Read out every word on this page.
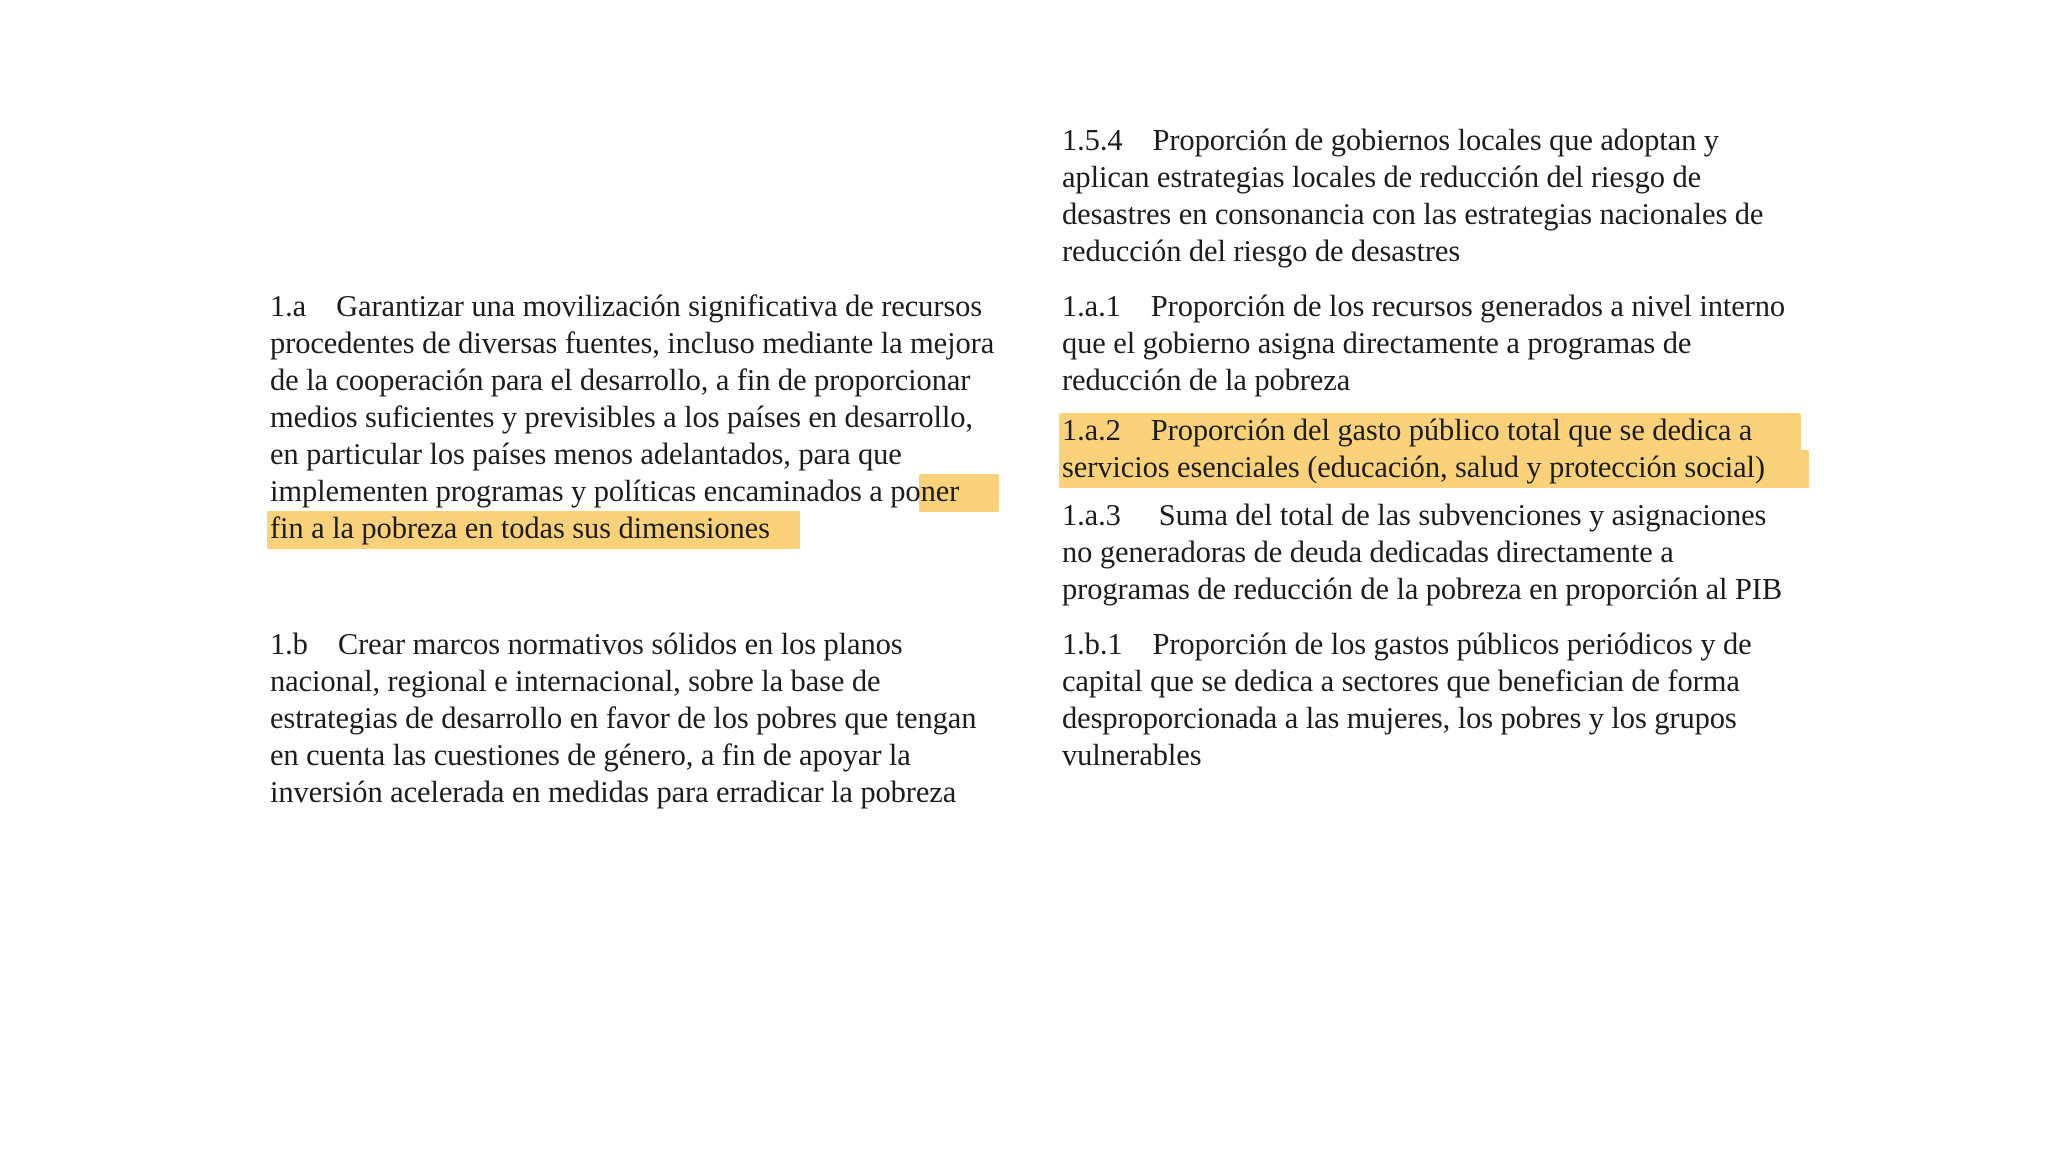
1.a Garantizar una movilización significativa de recursos
procedentes de diversas fuentes, incluso mediante la mejora
de la cooperación para el desarrollo, a fin de proporcionar
medios suficientes y previsibles a los países en desarrollo,
en particular los países menos adelantados, para que
implementen programas y políticas encaminados a poner
fin a la pobreza en todas sus dimensiones
1.b Crear marcos normativos sólidos en los planos
nacional, regional e internacional, sobre la base de
estrategias de desarrollo en favor de los pobres que tengan
en cuenta las cuestiones de género, a fin de apoyar la
inversión acelerada en medidas para erradicar la pobreza
1.5.4 Proporción de gobiernos locales que adoptan y
aplican estrategias locales de reducción del riesgo de
desastres en consonancia con las estrategias nacionales de
reducción del riesgo de desastres
1.a.1 Proporción de los recursos generados a nivel interno
que el gobierno asigna directamente a programas de
reducción de la pobreza
1.a.2 Proporción del gasto público total que se dedica a
servicios esenciales (educación, salud y protección social)
1.a.3 Suma del total de las subvenciones y asignaciones
no generadoras de deuda dedicadas directamente a
programas de reducción de la pobreza en proporción al PIB
1.b.1 Proporción de los gastos públicos periódicos y de
capital que se dedica a sectores que benefician de forma
desproporcionada a las mujeres, los pobres y los grupos
vulnerables
